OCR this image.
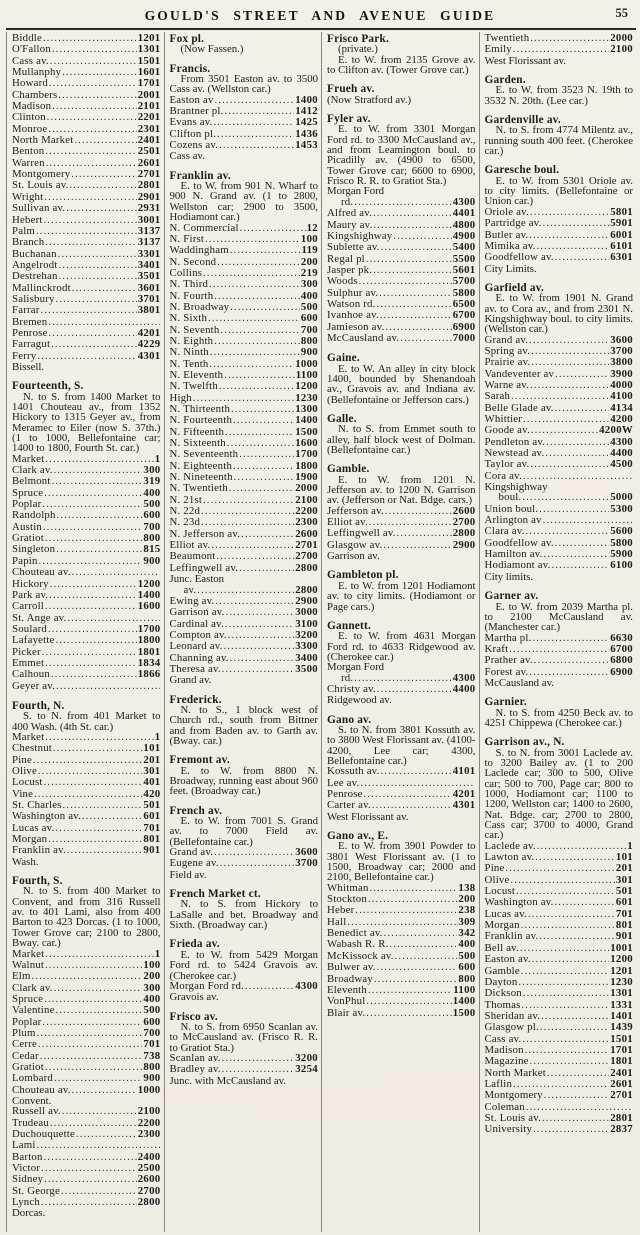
GOULD'S STREET AND AVENUE GUIDE	55
Biddle .....	1201
O'Fallon .....	1301
Cass av. .....	1501
Mullanphy .....	1601
Howard .....	1701
Chambers .....	2001
Madison .....	2101
Clinton .....	2201
Monroe .....	2301
North Market .....	2401
Benton .....	2501
Warren .....	2601
Montgomery .....	2701
St. Louis av. .....	2801
Wright .....	2901
Sullivan av. .....	2931
Hebert .....	3001
Palm .....	3137
Branch .....	3137
Buchanan .....	3301
Angelrodt .....	3401
Destrehan .....	3501
Mallinckrodt .....	3601
Salisbury .....	3701
Farrar .....	3801
Bremen
.....
Penrose .....	4201
Farragut .....	4229
Ferry .....	4301
Bissell.
Fourteenth, S.
N. to S. from 1400 Market to 1401 Chouteau av., from 1352 Hickory to 1315 Geyer av., from Meramec to Eiler (now S. 37th.) (1 to 1000, Bellefontaine car; 1400 to 1800, Fourth St. car.)
Market .....	1
Clark av. .....	300
Belmont .....	319
Spruce .....	400
Poplar .....	500
Randolph .....	600
Austin .....	700
Gratiot .....	800
Singleton .....	815
Papin .....	900
Chouteau av.
.....
Hickory .....	1200
Park av. .....	1400
Carroll .....	1600
St. Ange av.
.....
Soulard .....	1700
Lafayette .....	1800
Picker .....	1801
Emmet .....	1834
Calhoun .....	1866
Geyer av.
.....
Fourth, N.
S. to N. from 401 Market to 400 Wash. (4th St. car.)
Market .....	1
Chestnut .....	101
Pine .....	201
Olive .....	301
Locust .....	401
Vine .....	420
St. Charles .....	501
Washington av. .....	601
Lucas av. .....	701
Morgan .....	801
Franklin av. .....	901
Wash.
Fourth, S.
N. to S. from 400 Market to Convent, and from 316 Russell av. to 401 Lami, also from 400 Barton to 423 Dorcas. (1 to 1000, Tower Grove car; 2100 to 2800, Bway. car.)
Market .....	1
Walnut .....	100
Elm .....	200
Clark av. .....	300
Spruce .....	400
Valentine .....	500
Poplar .....	600
Plum .....	700
Cerre .....	701
Cedar .....	738
Gratiot .....	800
Lombard .....	900
Chouteau av. .....	1000
Convent.
Russell av. .....	2100
Trudeau .....	2200
Duchouquette .....	2300
Lami
.....
Barton .....	2400
Victor .....	2500
Sidney .....	2600
St. George .....	2700
Lynch .....	2800
Dorcas.
Fox pl.
(Now Fassen.)
Francis.
From 3501 Easton av. to 3500 Cass av. (Wellston car.)
Easton av .....	1400
Brantner pl. .....	1412
Evans av. .....	1425
Clifton pl. .....	1436
Cozens av. .....	1453
Cass av.
Franklin av.
E. to W. from 901 N. Wharf to 900 N. Grand av. (1 to 2800, Wellston car; 2900 to 3500, Hodiamont car.)
N. Commercial .....	12
N. First .....	100
Waddingham .....	119
N. Second .....	200
Collins .....	219
N. Third .....	300
N. Fourth .....	400
N. Broadway .....	500
N. Sixth .....	600
N. Seventh .....	700
N. Eighth .....	800
N. Ninth .....	900
N. Tenth .....	1000
N. Eleventh .....	1100
N. Twelfth .....	1200
High .....	1230
N. Thirteenth .....	1300
N. Fourteenth .....	1400
N. Fifteenth .....	1500
N. Sixteenth .....	1600
N. Seventeenth .....	1700
N. Eighteenth .....	1800
N. Nineteenth .....	1900
N. Twentieth .....	2000
N. 21st .....	2100
N. 22d .....	2200
N. 23d .....	2300
N. Jefferson av. .....	2600
Elliot av. .....	2701
Beaumont .....	2700
Leffingwell av. .....	2800
Junc. Easton
av. .....	2800
Ewing av. .....	2900
Garrison av. .....	3000
Cardinal av. .....	3100
Compton av. .....	3200
Leonard av. .....	3300
Channing av. .....	3400
Theresa av. .....	3500
Grand av.
Frederick.
N. to S., 1 block west of Church rd., south from Bittner and from Baden av. to Garth av. (Bway. car.)
Fremont av.
E. to W. from 8800 N. Broadway, running east about 960 feet. (Broadway car.)
French av.
E. to W. from 7001 S. Grand av. to 7000 Field av. (Bellefontaine car.)
Grand av. .....	3600
Eugene av. .....	3700
Field av.
French Market ct.
N. to S. from Hickory to LaSalle and bet. Broadway and Sixth. (Broadway car.)
Frieda av.
E. to W. from 5429 Morgan Ford rd. to 5424 Gravois av. (Cherokee car.)
Morgan Ford rd. .....	4300
Gravois av.
Frisco av.
N. to S. from 6950 Scanlan av. to McCausland av. (Frisco R. R. to Gratiot Sta.)
Scanlan av. .....	3200
Bradley av. .....	3254
Junc. with McCausland av.
Frisco Park.
(private.)
E. to W. from 2135 Grove av. to Clifton av. (Tower Grove car.)
Frueh av.
(Now Stratford av.)
Fyler av.
E. to W. from 3301 Morgan Ford rd. to 3300 McCausland av., and from Leamington boul. to Picadilly av. (4900 to 6500, Tower Grove car; 6600 to 6900, Frisco R. R. to Gratiot Sta.)
Morgan Ford
rd. .....	4300
Alfred av. .....	4401
Maury av. .....	4800
Kingshighway .....	4900
Sublette av. .....	5400
Regal pl .....	5500
Jasper pk. .....	5601
Woods .....	5700
Sulphur av. .....	5800
Watson rd. .....	6500
Ivanhoe av. .....	6700
Jamieson av. .....	6900
McCausland av. .....	7000
Gaine.
E. to W. An alley in city block 1400, bounded by Shenandoah av., Gravois av. and Indiana av. (Bellefontaine or Jefferson cars.)
Galle.
N. to S. from Emmet south to alley, half block west of Dolman. (Bellefontaine car.)
Gamble.
E. to W. from 1201 N. Jefferson av. to 1200 N. Garrison av. (Jefferson or Nat. Bdge. cars.)
Jefferson av. .....	2600
Elliot av. .....	2700
Leffingwell av. .....	2800
Glasgow av. .....	2900
Garrison av.
Gambleton pl.
E. to W. from 1201 Hodiamont av. to city limits. (Hodiamont or Page cars.)
Gannett.
E. to W. from 4631 Morgan Ford rd. to 4633 Ridgewood av. (Cherokee car.)
Morgan Ford
rd. .....	4300
Christy av. .....	4400
Ridgewood av.
Gano av.
S. to N. from 3801 Kossuth av. to 3800 West Florissant av. (4100-4200, Lee car; 4300, Bellefontaine car.)
Kossuth av. .....	4101
Lee av.
.....
Penrose .....	4201
Carter av. .....	4301
West Florissant av.
Gano av., E.
E. to W. from 3901 Powder to 3801 West Florissant av. (1 to 1500, Broadway car; 2000 and 2100, Bellefontaine car.)
Whitman .....	138
Stockton .....	200
Heber .....	238
Hall .....	309
Benedict av. .....	342
Wabash R. R. .....	400
McKissock av. .....	500
Bulwer av. .....	600
Broadway .....	800
Eleventh .....	1100
VonPhul .....	1400
Blair av. .....	1500
Twentieth .....	2000
Emily .....	2100
West Florissant av.
Garden.
E. to W. from 3523 N. 19th to 3532 N. 20th. (Lee car.)
Gardenville av.
N. to S. from 4774 Milentz av., running south 400 feet. (Cherokee car.)
Garesche boul.
E. to W. from 5301 Oriole av. to city limits. (Bellefontaine or Union car.)
Oriole av. .....	5801
Partridge av. .....	5901
Butler av. .....	6001
Mimika av. .....	6101
Goodfellow av. .....	6301
City Limits.
Garfield av.
E. to W. from 1901 N. Grand av. to Cora av., and from 2301 N. Kingshighway boul. to city limits. (Wellston car.)
Grand av. .....	3600
Spring av. .....	3700
Prairie av. .....	3800
Vandeventer av .....	3900
Warne av. .....	4000
Sarah .....	4100
Belle Glade av. .....	4134
Whittier .....	4200
Goode av. .....	4200W
Pendleton av. .....	4300
Newstead av. .....	4400
Taylor av. .....	4500
Cora av.
.....
Kingshighway
boul. .....	5000
Union boul. .....	5300
Arlington av
.....
Clara av. .....	5600
Goodfellow av. .....	5800
Hamilton av. .....	5900
Hodiamont av. .....	6100
City limits.
Garner av.
E. to W. from 2039 Martha pl. to 2100 McCausland av. (Manchester car.)
Martha pl. .....	6630
Kraft .....	6700
Prather av. .....	6800
Forest av. .....	6900
McCausland av.
Garnier.
N. to S. from 4250 Beck av. to 4251 Chippewa (Cherokee car.)
Garrison av., N.
S. to N. from 3001 Laclede av. to 3200 Bailey av. (1 to 200 Laclede car; 300 to 500, Olive car; 500 to 700, Page car; 800 to 1000, Hodiamont car; 1100 to 1200, Wellston car; 1400 to 2600, Nat. Bdge. car; 2700 to 2800, Cass car; 3700 to 4000, Grand car.)
Laclede av. .....	1
Lawton av. .....	101
Pine .....	201
Olive .....	301
Locust .....	501
Washington av. .....	601
Lucas av. .....	701
Morgan .....	801
Franklin av. .....	901
Bell av. .....	1001
Easton av. .....	1200
Gamble .....	1201
Dayton .....	1230
Dickson .....	1301
Thomas .....	1331
Sheridan av. .....	1401
Glasgow pl. .....	1439
Cass av. .....	1501
Madison .....	1701
Magazine .....	1801
North Market .....	2401
Laflin .....	2601
Montgomery .....	2701
Coleman
.....
St. Louis av. .....	2801
University .....	2837
